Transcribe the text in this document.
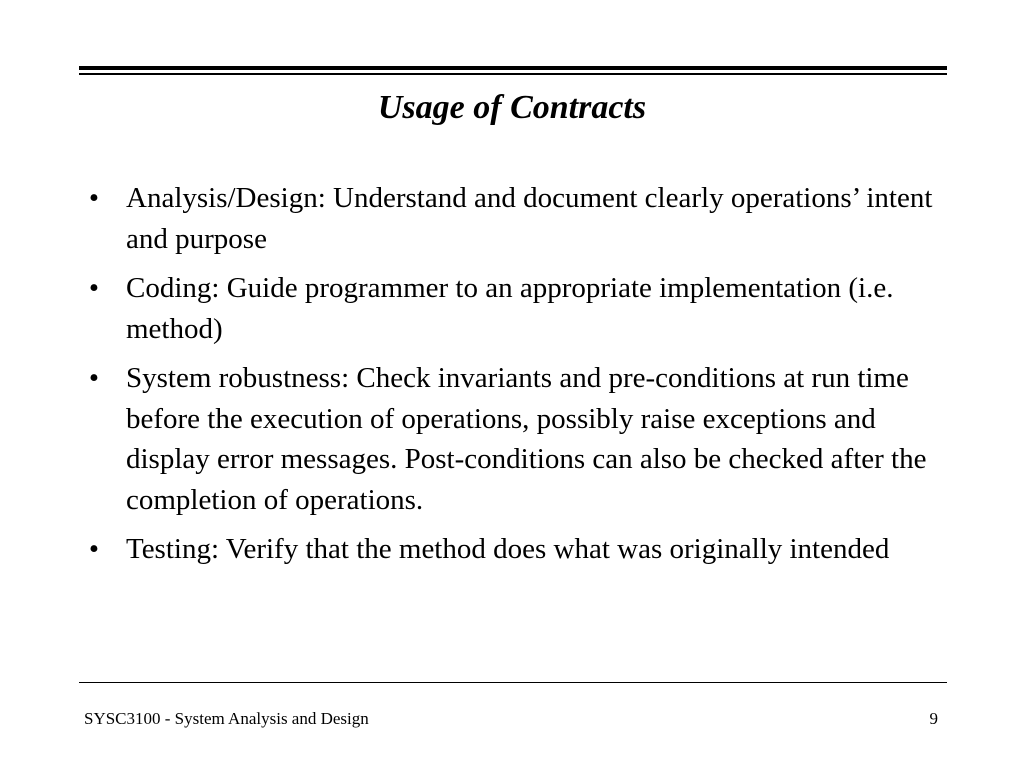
Usage of Contracts
• Analysis/Design: Understand and document clearly operations’ intent and purpose
• Coding: Guide programmer to an appropriate implementation (i.e. method)
• System robustness: Check invariants and pre-conditions at run time before the execution of operations, possibly raise exceptions and display error messages. Post-conditions can also be checked after the completion of operations.
• Testing: Verify that the method does what was originally intended
SYSC3100 - System Analysis and Design	9
